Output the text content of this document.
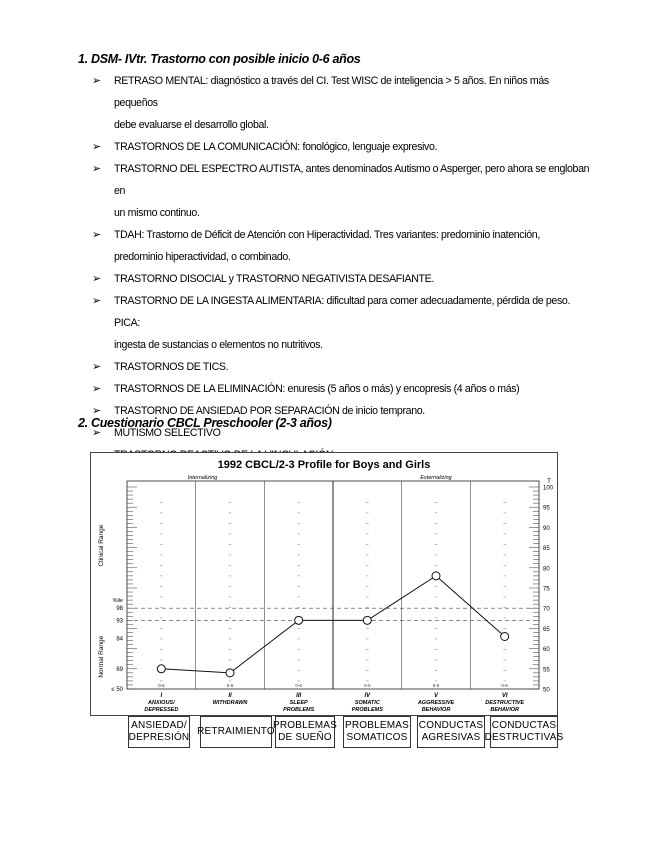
1. DSM- IVtr. Trastorno con posible inicio 0-6 años
➢ RETRASO MENTAL: diagnóstico a través del CI. Test WISC de inteligencia > 5 años. En niños más pequeños
debe evaluarse el desarrollo global.
➢ TRASTORNOS DE LA COMUNICACIÓN: fonológico, lenguaje expresivo.
➢ TRASTORNO DEL ESPECTRO AUTISTA, antes denominados Autismo o Asperger, pero ahora se engloban en
un mismo continuo.
➢ TDAH: Trastorno de Déficit de Atención con Hiperactividad. Tres variantes: predominio inatención,
predominio hiperactividad, o combinado.
➢ TRASTORNO DISOCIAL y TRASTORNO NEGATIVISTA DESAFIANTE.
➢ TRASTORNO DE LA INGESTA ALIMENTARIA: dificultad para comer adecuadamente, pérdida de peso. PICA:
ingesta de sustancias o elementos no nutritivos.
➢ TRASTORNOS DE TICS.
➢ TRASTORNOS DE LA ELIMINACIÓN: enuresis (5 años o más) y encopresis (4 años o más)
➢ TRASTORNO DE ANSIEDAD POR SEPARACIÓN de inicio temprano.
➢ MUTISMO SELECTIVO
2. Cuestionario CBCL Preschooler (2-3 años)
1992 CBCL/2-3 Profile for Boys and Girls
Internalizing	Externalizing	T
100
95
90
85
80
75
70
65
60
55
50
%ile
98
93
84
69
≤ 50
Clinical Range
Normal Range
0-6	0-6	0-6	0-6	0-6	0-6
I
ANXIOUS/
DEPRESSED
II
WITHDRAWN
III
SLEEP
PROBLEMS
IV
SOMATIC
PROBLEMS
V
AGGRESSIVE
BEHAVIOR
VI
DESTRUCTIVE
BEHAVIOR
ANSIEDAD/ DEPRESIÓN
RETRAIMIENTO
PROBLEMAS DE SUEÑO
PROBLEMAS SOMATICOS
CONDUCTAS AGRESIVAS
CONDUCTAS DESTRUCTIVAS
